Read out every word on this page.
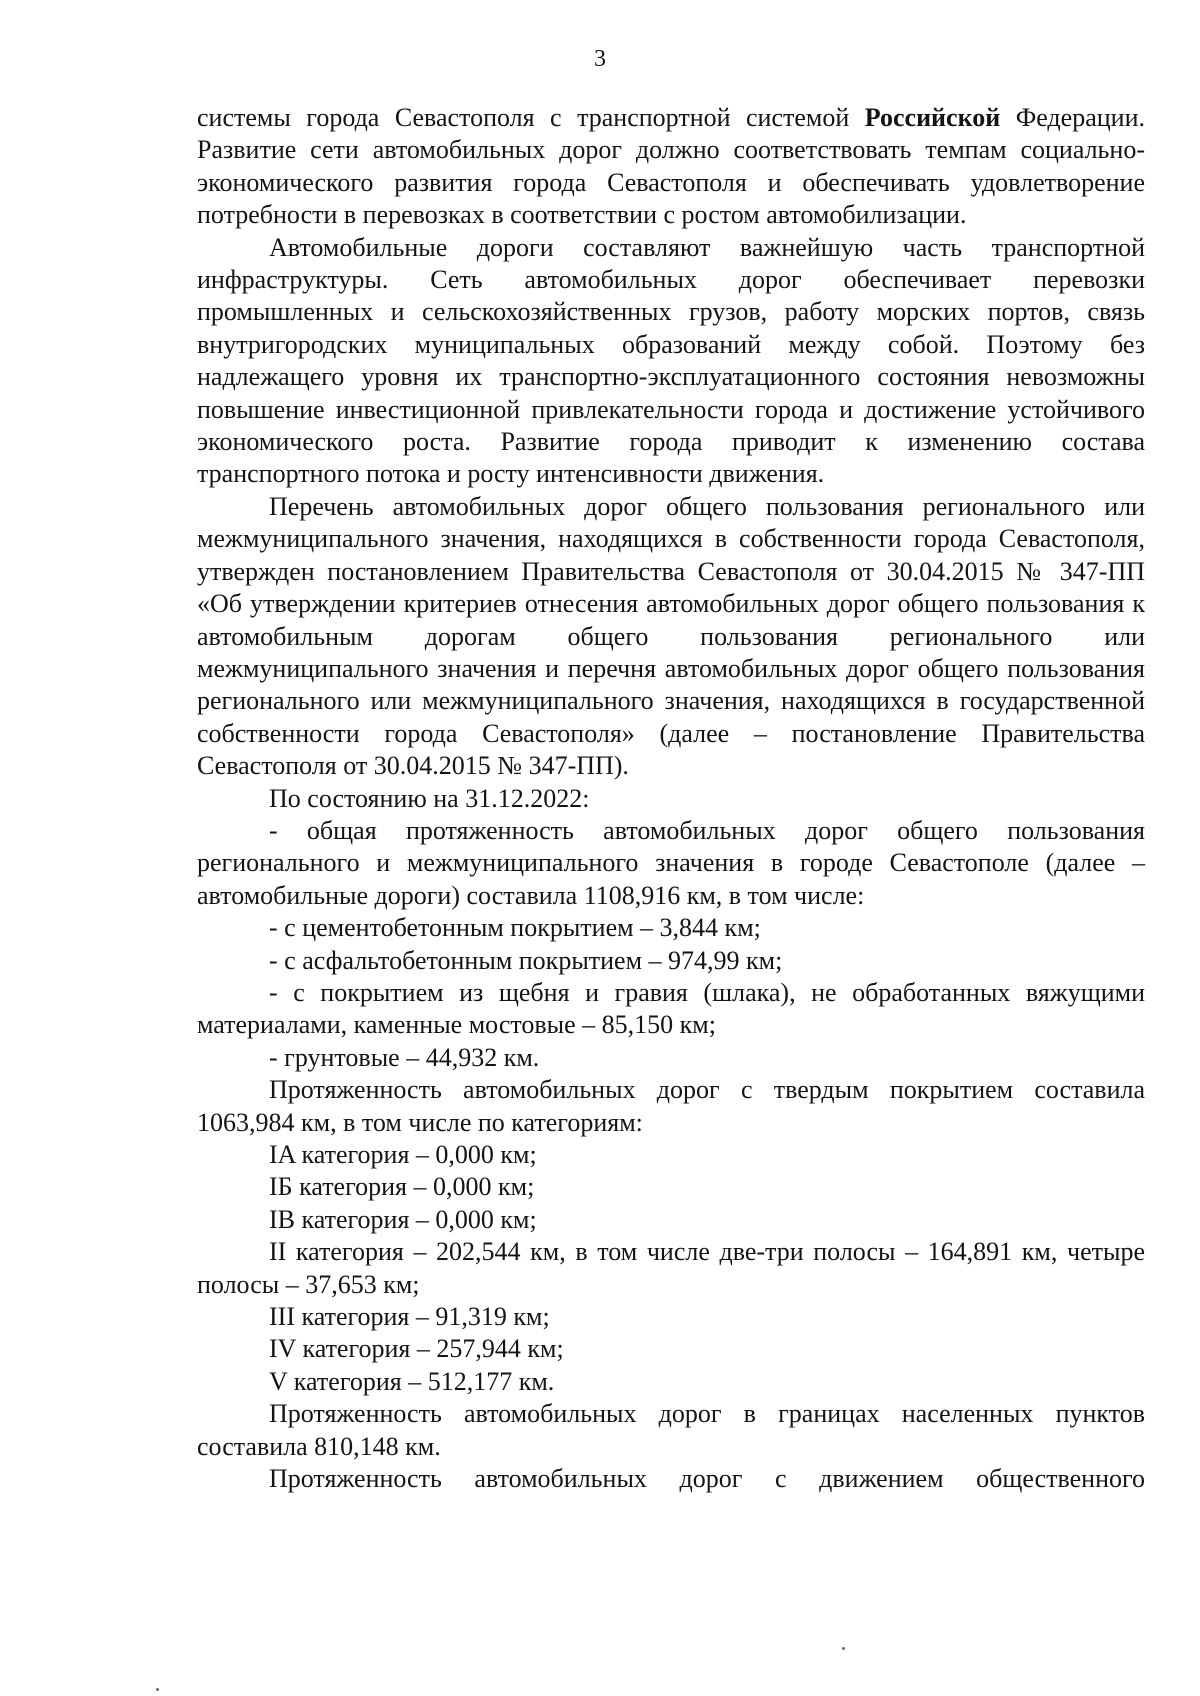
3

системы города Севастополя с транспортной системой Российской Федерации. Развитие сети автомобильных дорог должно соответствовать темпам социально-экономического развития города Севастополя и обеспечивать удовлетворение потребности в перевозках в соответствии с ростом автомобилизации.

Автомобильные дороги составляют важнейшую часть транспортной инфраструктуры. Сеть автомобильных дорог обеспечивает перевозки промышленных и сельскохозяйственных грузов, работу морских портов, связь внутригородских муниципальных образований между собой. Поэтому без надлежащего уровня их транспортно-эксплуатационного состояния невозможны повышение инвестиционной привлекательности города и достижение устойчивого экономического роста. Развитие города приводит к изменению состава транспортного потока и росту интенсивности движения.

Перечень автомобильных дорог общего пользования регионального или межмуниципального значения, находящихся в собственности города Севастополя, утвержден постановлением Правительства Севастополя от 30.04.2015 № 347-ПП «Об утверждении критериев отнесения автомобильных дорог общего пользования к автомобильным дорогам общего пользования регионального или межмуниципального значения и перечня автомобильных дорог общего пользования регионального или межмуниципального значения, находящихся в государственной собственности города Севастополя» (далее – постановление Правительства Севастополя от 30.04.2015 № 347-ПП).

По состоянию на 31.12.2022:

- общая протяженность автомобильных дорог общего пользования регионального и межмуниципального значения в городе Севастополе (далее – автомобильные дороги) составила 1108,916 км, в том числе:

- с цементобетонным покрытием – 3,844 км;

- с асфальтобетонным покрытием – 974,99 км;

- с покрытием из щебня и гравия (шлака), не обработанных вяжущими материалами, каменные мостовые – 85,150 км;

- грунтовые – 44,932 км.

Протяженность автомобильных дорог с твердым покрытием составила 1063,984 км, в том числе по категориям:

IA категория – 0,000 км;

IБ категория – 0,000 км;

IB категория – 0,000 км;

II категория – 202,544 км, в том числе две-три полосы – 164,891 км, четыре полосы – 37,653 км;

III категория – 91,319 км;

IV категория – 257,944 км;

V категория – 512,177 км.

Протяженность автомобильных дорог в границах населенных пунктов составила 810,148 км.

Протяженность автомобильных дорог с движением общественного
